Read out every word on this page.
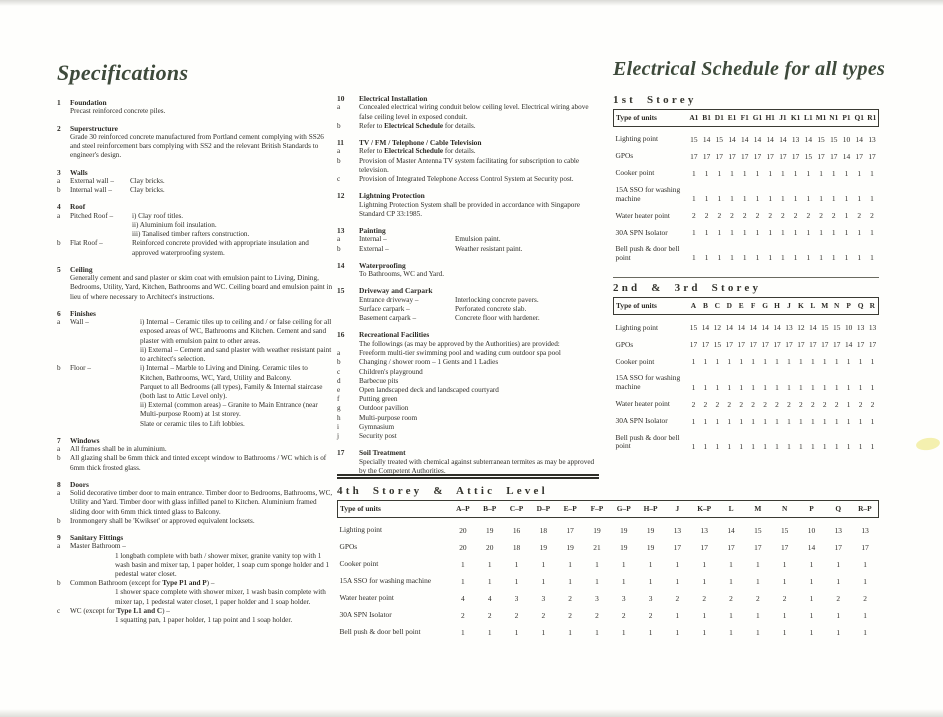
Specifications
1	Foundation
Precast reinforced concrete piles.
2	Superstructure
Grade 30 reinforced concrete manufactured from Portland cement complying with SS26 and steel reinforcement bars complying with SS2 and the relevant British Standards to engineer's design.
3	Walls
a	External wall –	Clay bricks.
b	Internal wall –	Clay bricks.
4	Roof
a	Pitched Roof –	i) Clay roof titles.
ii) Aluminium foil insulation.
iii) Tanalised timber rafters construction.
b	Flat Roof –	Reinforced concrete provided with appropriate insulation and approved waterproofing system.
5	Ceiling
Generally cement and sand plaster or skim coat with emulsion paint to Living, Dining, Bedrooms, Utility, Yard, Kitchen, Bathrooms and WC. Ceiling board and emulsion paint in lieu of where necessary to Architect's instructions.
6	Finishes
a	Wall –	i) Internal – Ceramic tiles up to ceiling and / or false ceiling for all exposed areas of WC, Bathrooms and Kitchen. Cement and sand plaster with emulsion paint to other areas.
ii) External – Cement and sand plaster with weather resistant paint to architect's selection.
b	Floor –	i) Internal – Marble to Living and Dining. Ceramic tiles to Kitchen, Bathrooms, WC, Yard, Utility and Balcony.
Parquet to all Bedrooms (all types), Family & Internal staircase (both last to Attic Level only).
ii) External (common areas) – Granite to Main Entrance (near Multi-purpose Room) at 1st storey.
Slate or ceramic tiles to Lift lobbies.
7	Windows
a	All frames shall be in aluminium.
b	All glazing shall be 6mm thick and tinted except window to Bathrooms / WC which is of 6mm thick frosted glass.
8	Doors
a	Solid decorative timber door to main entrance. Timber door to Bedrooms, Bathrooms, WC, Utility and Yard. Timber door with glass infilled panel to Kitchen. Aluminium framed sliding door with 6mm thick tinted glass to Balcony.
b	Ironmongery shall be 'Kwikset' or approved equivalent locksets.
9	Sanitary Fittings
a	Master Bathroom –
1 longbath complete with bath / shower mixer, granite vanity top with 1 wash basin and mixer tap, 1 paper holder, 1 soap cum sponge holder and 1 pedestal water closet.
b	Common Bathroom (except for Type P1 and P) –
1 shower space complete with shower mixer, 1 wash basin complete with mixer tap, 1 pedestal water closet, 1 paper holder and 1 soap holder.
c	WC (except for Type L1 and C) –
1 squatting pan, 1 paper holder, 1 tap point and 1 soap holder.
10	Electrical Installation
a	Concealed electrical wiring conduit below ceiling level. Electrical wiring above false ceiling level in exposed conduit.
b	Refer to Electrical Schedule for details.
11	TV / FM / Telephone / Cable Television
a	Refer to Electrical Schedule for details.
b	Provision of Master Antenna TV system facilitating for subscription to cable television.
c	Provision of Integrated Telephone Access Control System at Security post.
12	Lightning Protection
Lightning Protection System shall be provided in accordance with Singapore Standard CP 33:1985.
13	Painting
a	Internal –	Emulsion paint.
b	External –	Weather resistant paint.
14	Waterproofing
To Bathrooms, WC and Yard.
15	Driveway and Carpark
Entrance driveway –	Interlocking concrete pavers.
Surface carpark –	Perforated concrete slab.
Basement carpark –	Concrete floor with hardener.
16	Recreational Facilities
The followings (as may be approved by the Authorities) are provided:
a	Freeform multi-tier swimming pool and wading cum outdoor spa pool
b	Changing / shower room – 1 Gents and 1 Ladies
c	Children's playground
d	Barbecue pits
e	Open landscaped deck and landscaped courtyard
f	Putting green
g	Outdoor pavilion
h	Multi-purpose room
i	Gymnasium
j	Security post
17	Soil Treatment
Specially treated with chemical against subterranean termites as may be approved by the Competent Authorities.
Electrical Schedule for all types
1st Storey
Type of units	A1	B1	D1	E1	F1	G1	H1	J1	K1	L1	M1	N1	P1	Q1	R1
Lighting point	15	14	15	14	14	14	14	14	13	14	15	15	10	14	13
GPOs	17	17	17	17	17	17	17	17	17	15	17	17	14	17	17
Cooker point	1	1	1	1	1	1	1	1	1	1	1	1	1	1	1
15A SSO for washing machine	1	1	1	1	1	1	1	1	1	1	1	1	1	1	1
Water heater point	2	2	2	2	2	2	2	2	2	2	2	2	1	2	2
30A SPN Isolator	1	1	1	1	1	1	1	1	1	1	1	1	1	1	1
Bell push & door bell point	1	1	1	1	1	1	1	1	1	1	1	1	1	1	1
2nd & 3rd Storey
Type of units	A	B	C	D	E	F	G	H	J	K	L	M	N	P	Q	R
Lighting point	15	14	12	14	14	14	14	14	13	12	14	15	15	10	13	13
GPOs	17	17	15	17	17	17	17	17	17	17	17	17	17	14	17	17
Cooker point	1	1	1	1	1	1	1	1	1	1	1	1	1	1	1	1
15A SSO for washing machine	1	1	1	1	1	1	1	1	1	1	1	1	1	1	1	1
Water heater point	2	2	2	2	2	2	2	2	2	2	2	2	2	1	2	2
30A SPN Isolator	1	1	1	1	1	1	1	1	1	1	1	1	1	1	1	1
Bell push & door bell point	1	1	1	1	1	1	1	1	1	1	1	1	1	1	1	1
4th Storey & Attic Level
Type of units	A–P	B–P	C–P	D–P	E–P	F–P	G–P	H–P	J	K–P	L	M	N	P	Q	R–P
Lighting point	20	19	16	18	17	19	19	19	13	13	14	15	15	10	13	13
GPOs	20	20	18	19	19	21	19	19	17	17	17	17	17	14	17	17
Cooker point	1	1	1	1	1	1	1	1	1	1	1	1	1	1	1	1
15A SSO for washing machine	1	1	1	1	1	1	1	1	1	1	1	1	1	1	1	1
Water heater point	4	4	3	3	2	3	3	3	2	2	2	2	2	1	2	2
30A SPN Isolator	2	2	2	2	2	2	2	2	1	1	1	1	1	1	1	1
Bell push & door bell point	1	1	1	1	1	1	1	1	1	1	1	1	1	1	1	1
